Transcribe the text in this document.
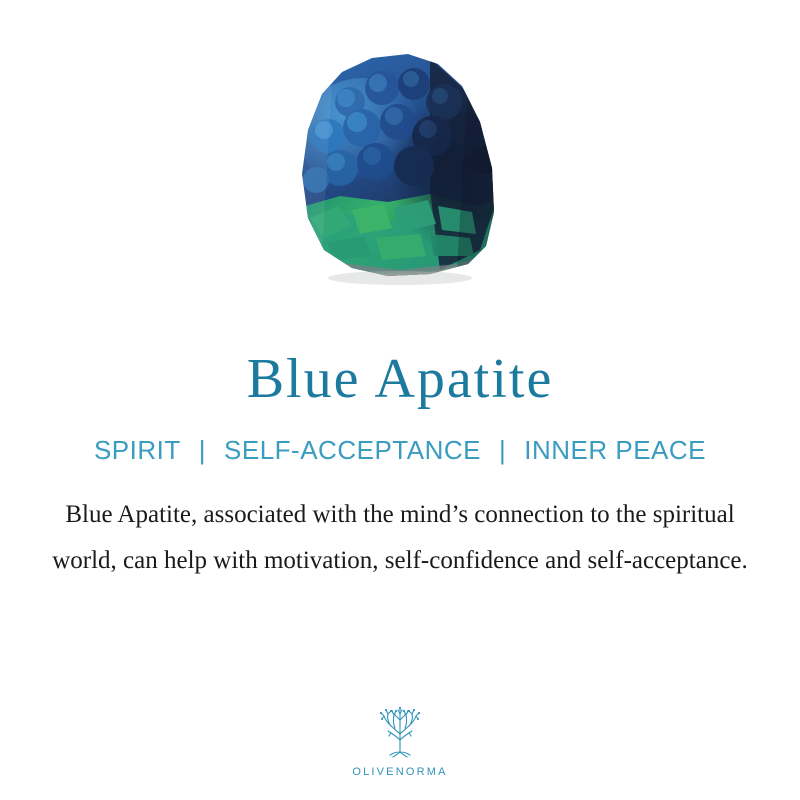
Blue Apatite
SPIRIT | SELF-ACCEPTANCE | INNER PEACE

Blue Apatite, associated with the mind’s connection to the spiritual world, can help with motivation, self-confidence and self-acceptance.

OLIVENORMA
